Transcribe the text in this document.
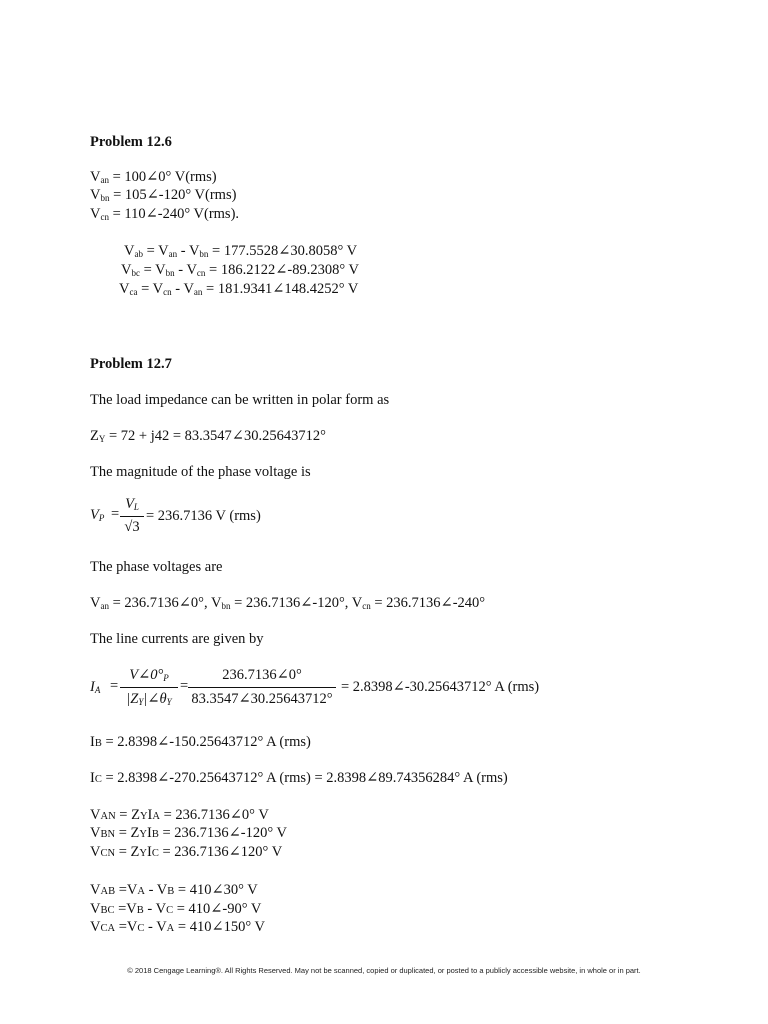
Problem 12.6
$V_{an}$ = 100∠0° V(rms)
$V_{bn}$ = 105∠-120° V(rms)
$V_{cn}$ = 110∠-240° V(rms).
$V_{ab} = V_{an} - V_{bn}$ = 177.5528∠30.8058° V
$V_{bc} = V_{bn} - V_{cn}$ = 186.2122∠-89.2308° V
$V_{ca} = V_{cn} - V_{an}$ = 181.9341∠148.4252° V
Problem 12.7
The load impedance can be written in polar form as
$Z_Y = 72 + j42$ = 83.3547∠30.25643712°
The magnitude of the phase voltage is
$V_P$ =
$V_L$
√3
= 236.7136 V (rms)
The phase voltages are
$V_{an}$ = 236.7136∠0°, $V_{bn}$ = 236.7136∠-120°, $V_{cn}$ = 236.7136∠-240°
The line currents are given by
$I_A$ =
$V\angle 0^\circ_P$
$|Z_Y|\angle\theta_Y$
=
236.7136∠0°
83.3547∠30.25643712°
= 2.8398∠-30.25643712° A (rms)
IB = 2.8398∠-150.25643712° A (rms)
IC = 2.8398∠-270.25643712° A (rms) = 2.8398∠89.74356284° A (rms)
VAN = ZYIA = 236.7136∠0° V
VBN = ZYIB = 236.7136∠-120° V
VCN = ZYIC = 236.7136∠120° V
VAB =VA - VB = 410∠30° V
VBC =VB - VC = 410∠-90° V
VCA =VC - VA = 410∠150° V
© 2018 Cengage Learning®. All Rights Reserved. May not be scanned, copied or duplicated, or posted to a publicly accessible website, in whole or in part.
